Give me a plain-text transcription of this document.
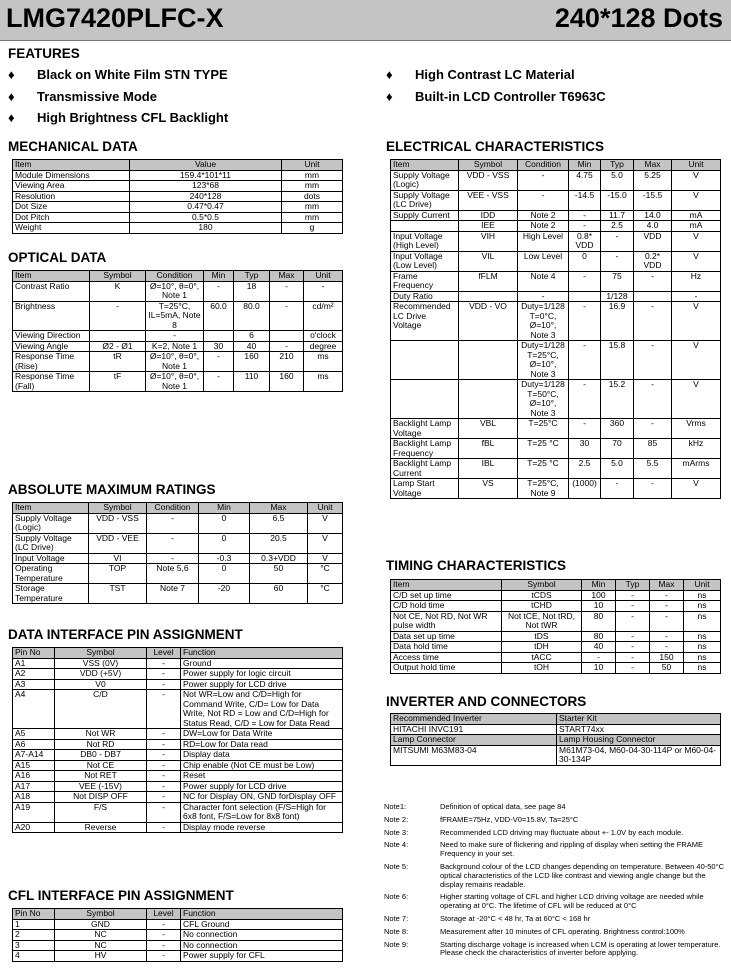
LMG7420PLFC-X	240*128 Dots
FEATURES
♦ Black on White Film STN TYPE
♦ Transmissive Mode
♦ High Brightness CFL Backlight
♦ High Contrast LC Material
♦ Built-in LCD Controller T6963C
MECHANICAL DATA
Item	Value	Unit
Module Dimensions	159.4*101*11	mm
Viewing Area	123*68	mm
Resolution	240*128	dots
Dot Size	0.47*0.47	mm
Dot Pitch	0.5*0.5	mm
Weight	180	g
OPTICAL DATA
Item	Symbol	Condition	Min	Typ	Max	Unit
Contrast Ratio	K	Ø=10°, θ=0°, Note 1	-	18	-	-
Brightness	-	T=25°C, IL=5mA, Note 8	60.0	80.0	-	cd/m²
Viewing Direction		-		6		o'clock
Viewing Angle	Ø2 - Ø1	K=2, Note 1	30	40	-	degree
Response Time (Rise)	tR	Ø=10°, θ=0°, Note 1	-	160	210	ms
Response Time (Fall)	tF	Ø=10°, θ=0°, Note 1	-	110	160	ms
ABSOLUTE MAXIMUM RATINGS
Item	Symbol	Condition	Min	Max	Unit
Supply Voltage (Logic)	VDD - VSS	-	0	6.5	V
Supply Voltage (LC Drive)	VDD - VEE	-	0	20.5	V
Input Voltage	VI	-	-0.3	0.3+VDD	V
Operating Temperature	TOP	Note 5,6	0	50	°C
Storage Temperature	TST	Note 7	-20	60	°C
DATA INTERFACE PIN ASSIGNMENT
Pin No	Symbol	Level	Function
A1	VSS (0V)	-	Ground
A2	VDD (+5V)	-	Power supply for logic circuit
A3	V0	-	Power supply for LCD drive
A4	C/D	-	Not WR=Low and C/D=High for Command Write, C/D= Low for Data Write, Not RD = Low and C/D=High for Status Read, C/D = Low for Data Read
A5	Not WR	-	DW=Low for Data Write
A6	Not RD	-	RD=Low for Data read
A7-A14	DB0 - DB7	-	Display data
A15	Not CE	-	Chip enable (Not CE must be Low)
A16	Not RET	-	Reset
A17	VEE (-15V)	-	Power supply for LCD drive
A18	Not DISP OFF	-	NC for Display ON, GND forDisplay OFF
A19	F/S	-	Character font selection (F/S=High for 6x8 font, F/S=Low for 8x8 font)
A20	Reverse	-	Display mode reverse
CFL INTERFACE PIN ASSIGNMENT
Pin No	Symbol	Level	Function
1	GND	-	CFL Ground
2	NC	-	No connection
3	NC	-	No connection
4	HV	-	Power supply for CFL
ELECTRICAL CHARACTERISTICS
Item	Symbol	Condition	Min	Typ	Max	Unit
Supply Voltage (Logic)	VDD - VSS	-	4.75	5.0	5.25	V
Supply Voltage (LC Drive)	VEE - VSS	-	-14.5	-15.0	-15.5	V
Supply Current	IDD	Note 2	-	11.7	14.0	mA
	IEE	Note 2	-	2.5	4.0	mA
Input Voltage (High Level)	VIH	High Level	0.8* VDD	-	VDD	V
Input Voltage (Low Level)	VIL	Low Level	0	-	0.2* VDD	V
Frame Frequency	fFLM	Note 4	-	75	-	Hz
Duty Ratio		-		1/128		-
Recommended LC Drive Voltage	VDD - VO	Duty=1/128 T=0°C, Ø=10°, Note 3	-	16.9	-	V
		Duty=1/128 T=25°C, Ø=10°, Note 3	-	15.8	-	V
		Duty=1/128 T=50°C, Ø=10°, Note 3	-	15.2	-	V
Backlight Lamp Voltage	VBL	T=25°C	-	360	-	Vrms
Backlight Lamp Frequency	fBL	T=25 °C	30	70	85	kHz
Backlight Lamp Current	IBL	T=25 °C	2.5	5.0	5.5	mArms
Lamp Start Voltage	VS	T=25°C, Note 9	(1000)	-	-	V
TIMING CHARACTERISTICS
Item	Symbol	Min	Typ	Max	Unit
C/D set up time	tCDS	100	-	-	ns
C/D hold time	tCHD	10	-	-	ns
Not CE, Not RD, Not WR pulse width	Not tCE, Not tRD, Not tWR	80	-	-	ns
Data set up time	tDS	80	-	-	ns
Data hold time	tDH	40	-	-	ns
Access time	tACC	-	-	150	ns
Output hold time	tOH	10	-	50	ns
INVERTER AND CONNECTORS
Recommended Inverter	Starter Kit
HITACHI INVC191	START74xx
Lamp Connector	Lamp Housing Connector
MITSUMI M63M83-04	M61M73-04, M60-04-30-114P or M60-04-30-134P
Note1:	Definition of optical data, see page 84
Note 2:	fFRAME=75Hz, VDD-V0=15.8V, Ta=25°C
Note 3:	Recommended LCD driving may fluctuate about +- 1.0V by each module.
Note 4:	Need to make sure of flickering and rippling of display when setting the FRAME Frequency in your set.
Note 5:	Background colour of the LCD changes depending on temperature. Between 40-50°C optical characteristics of the LCD like contrast and viewing angle change but the display remains readable.
Note 6:	Higher starting voltage of CFL and higher LCD driving voltage are needed while operating at 0°C. The lifetime of CFL will be reduced at 0°C
Note 7:	Storage at -20°C < 48 hr, Ta at 60°C < 168 hr
Note 8:	Measurement after 10 minutes of CFL operating. Brightness control:100%
Note 9:	Starting discharge voltage is increased when LCM is operating at lower temperature. Please check the characteristics of inverter before applying.
